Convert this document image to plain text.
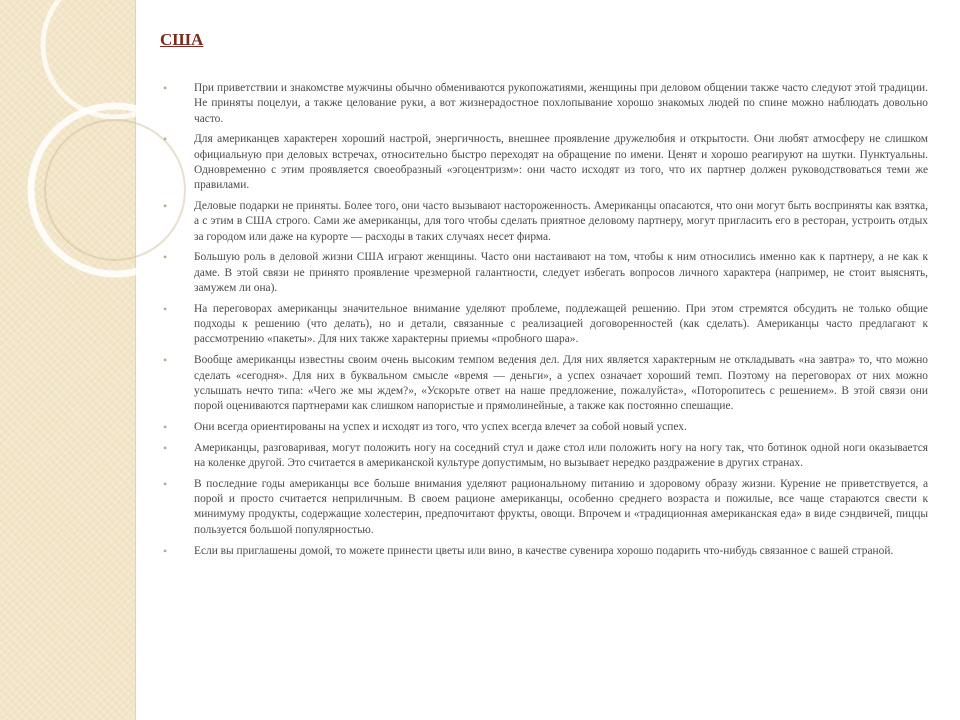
США
• При приветствии и знакомстве мужчины обычно обмениваются рукопожатиями, женщины при деловом общении также часто следуют этой традиции. Не приняты поцелуи, а также целование руки, а вот жизнерадостное похлопывание хорошо знакомых людей по спине можно наблюдать довольно часто.
• Для американцев характерен хороший настрой, энергичность, внешнее проявление дружелюбия и открытости. Они любят атмосферу не слишком официальную при деловых встречах, относительно быстро переходят на обращение по имени. Ценят и хорошо реагируют на шутки. Пунктуальны. Одновременно с этим проявляется своеобразный «эгоцентризм»: они часто исходят из того, что их партнер должен руководствоваться теми же правилами.
• Деловые подарки не приняты. Более того, они часто вызывают настороженность. Американцы опасаются, что они могут быть восприняты как взятка, а с этим в США строго. Сами же американцы, для того чтобы сделать приятное деловому партнеру, могут пригласить его в ресторан, устроить отдых за городом или даже на курорте — расходы в таких случаях несет фирма.
• Большую роль в деловой жизни США играют женщины. Часто они настаивают на том, чтобы к ним относились именно как к партнеру, а не как к даме. В этой связи не принято проявление чрезмерной галантности, следует избегать вопросов личного характера (например, не стоит выяснять, замужем ли она).
• На переговорах американцы значительное внимание уделяют проблеме, подлежащей решению. При этом стремятся обсудить не только общие подходы к решению (что делать), но и детали, связанные с реализацией договоренностей (как сделать). Американцы часто предлагают к рассмотрению «пакеты». Для них также характерны приемы «пробного шара».
• Вообще американцы известны своим очень высоким темпом ведения дел. Для них является характерным не откладывать «на завтра» то, что можно сделать «сегодня». Для них в буквальном смысле «время — деньги», а успех означает хороший темп. Поэтому на переговорах от них можно услышать нечто типа: «Чего же мы ждем?», «Ускорьте ответ на наше предложение, пожалуйста», «Поторопитесь с решением». В этой связи они порой оцениваются партнерами как слишком напористые и прямолинейные, а также как постоянно спешащие.
• Они всегда ориентированы на успех и исходят из того, что успех всегда влечет за собой новый успех.
• Американцы, разговаривая, могут положить ногу на соседний стул и даже стол или положить ногу на ногу так, что ботинок одной ноги оказывается на коленке другой. Это считается в американской культуре допустимым, но вызывает нередко раздражение в других странах.
• В последние годы американцы все больше внимания уделяют рациональному питанию и здоровому образу жизни. Курение не приветствуется, а порой и просто считается неприличным. В своем рационе американцы, особенно среднего возраста и пожилые, все чаще стараются свести к минимуму продукты, содержащие холестерин, предпочитают фрукты, овощи. Впрочем и «традиционная американская еда» в виде сэндвичей, пиццы пользуется большой популярностью.
• Если вы приглашены домой, то можете принести цветы или вино, в качестве сувенира хорошо подарить что-нибудь связанное с вашей страной.
